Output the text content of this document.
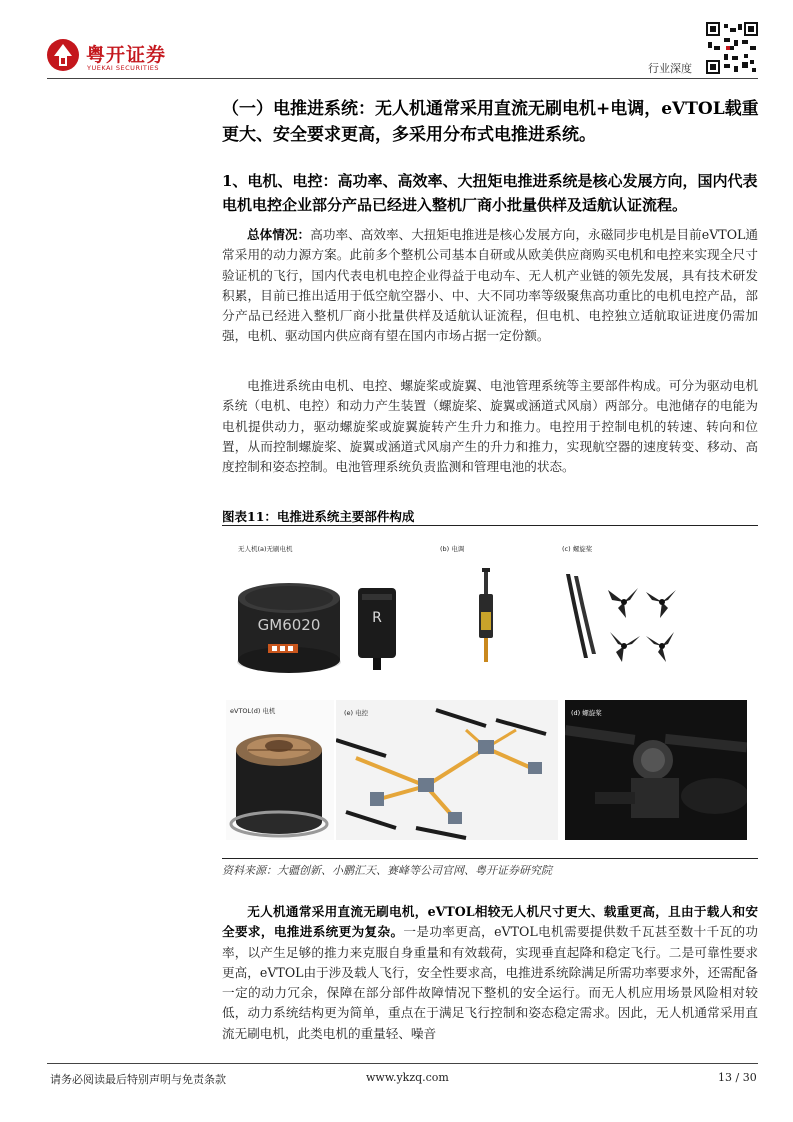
粤开证券
YUEKAI SECURITIES	行业深度
（一）电推进系统：无人机通常采用直流无刷电机+电调，eVTOL载重更大、安全要求更高，多采用分布式电推进系统。
1、电机、电控：高功率、高效率、大扭矩电推进系统是核心发展方向，国内代表电机电控企业部分产品已经进入整机厂商小批量供样及适航认证流程。
总体情况：高功率、高效率、大扭矩电推进是核心发展方向，永磁同步电机是目前eVTOL通常采用的动力源方案。此前多个整机公司基本自研或从欧美供应商购买电机和电控来实现全尺寸验证机的飞行，国内代表电机电控企业得益于电动车、无人机产业链的领先发展，具有技术研发积累，目前已推出适用于低空航空器小、中、大不同功率等级聚焦高功重比的电机电控产品，部分产品已经进入整机厂商小批量供样及适航认证流程，但电机、电控独立适航取证进度仍需加强，电机、驱动国内供应商有望在国内市场占据一定份额。
电推进系统由电机、电控、螺旋桨或旋翼、电池管理系统等主要部件构成。可分为驱动电机系统（电机、电控）和动力产生装置（螺旋桨、旋翼或涵道式风扇）两部分。电池储存的电能为电机提供动力，驱动螺旋桨或旋翼旋转产生升力和推力。电控用于控制电机的转速、转向和位置，从而控制螺旋桨、旋翼或涵道式风扇产生的升力和推力，实现航空器的速度转变、移动、高度控制和姿态控制。电池管理系统负责监测和管理电池的状态。
图表11：电推进系统主要部件构成
无人机(a)无刷电机
GM6020
(b) 电调
R
(c) 螺旋桨
eVTOL(d) 电机	(e) 电控	(d) 螺旋桨
资料来源：大疆创新、小鹏汇天、赛峰等公司官网、粤开证券研究院
无人机通常采用直流无刷电机，eVTOL相较无人机尺寸更大、载重更高，且由于载人和安全要求，电推进系统更为复杂。一是功率更高，eVTOL电机需要提供数千瓦甚至数十千瓦的功率，以产生足够的推力来克服自身重量和有效载荷，实现垂直起降和稳定飞行。二是可靠性要求更高，eVTOL由于涉及载人飞行，安全性要求高，电推进系统除满足所需功率要求外，还需配备一定的动力冗余，保障在部分部件故障情况下整机的安全运行。而无人机应用场景风险相对较低，动力系统结构更为简单，重点在于满足飞行控制和姿态稳定需求。因此，无人机通常采用直流无刷电机，此类电机的重量轻、噪音
请务必阅读最后特别声明与免责条款	www.ykzq.com	13 / 30
